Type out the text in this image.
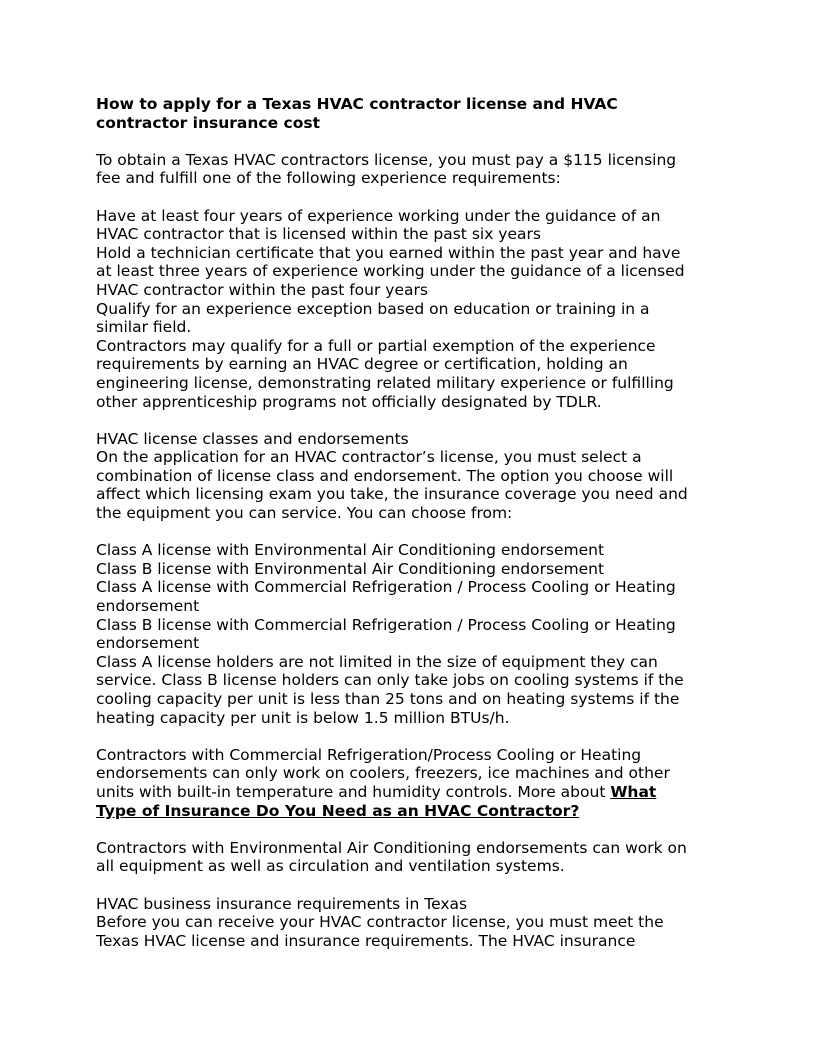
How to apply for a Texas HVAC contractor license and HVAC
contractor insurance cost
To obtain a Texas HVAC contractors license, you must pay a $115 licensing
fee and fulfill one of the following experience requirements:
Have at least four years of experience working under the guidance of an
HVAC contractor that is licensed within the past six years
Hold a technician certificate that you earned within the past year and have
at least three years of experience working under the guidance of a licensed
HVAC contractor within the past four years
Qualify for an experience exception based on education or training in a
similar field.
Contractors may qualify for a full or partial exemption of the experience
requirements by earning an HVAC degree or certification, holding an
engineering license, demonstrating related military experience or fulfilling
other apprenticeship programs not officially designated by TDLR.
HVAC license classes and endorsements
On the application for an HVAC contractor’s license, you must select a
combination of license class and endorsement. The option you choose will
affect which licensing exam you take, the insurance coverage you need and
the equipment you can service. You can choose from:
Class A license with Environmental Air Conditioning endorsement
Class B license with Environmental Air Conditioning endorsement
Class A license with Commercial Refrigeration / Process Cooling or Heating
endorsement
Class B license with Commercial Refrigeration / Process Cooling or Heating
endorsement
Class A license holders are not limited in the size of equipment they can
service. Class B license holders can only take jobs on cooling systems if the
cooling capacity per unit is less than 25 tons and on heating systems if the
heating capacity per unit is below 1.5 million BTUs/h.
Contractors with Commercial Refrigeration/Process Cooling or Heating
endorsements can only work on coolers, freezers, ice machines and other
units with built-in temperature and humidity controls. More about What
Type of Insurance Do You Need as an HVAC Contractor?
Contractors with Environmental Air Conditioning endorsements can work on
all equipment as well as circulation and ventilation systems.
HVAC business insurance requirements in Texas
Before you can receive your HVAC contractor license, you must meet the
Texas HVAC license and insurance requirements. The HVAC insurance
